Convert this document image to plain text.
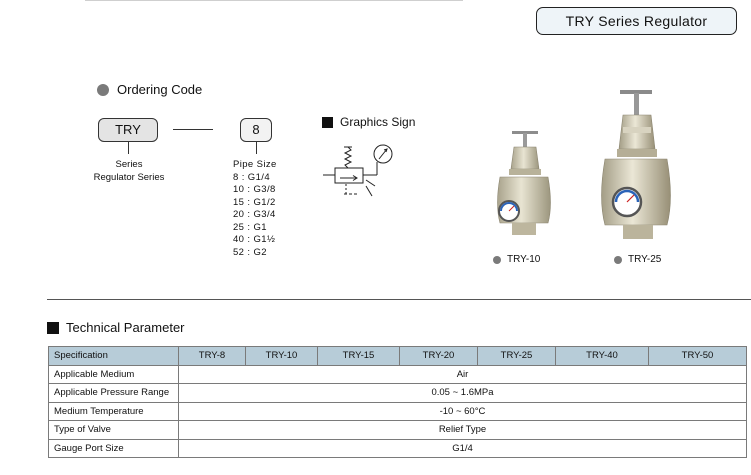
TRY Series Regulator
Ordering Code
TRY	8
Series
Regulator Series
Pipe Size
8 : G1/4
10 : G3/8
15 : G1/2
20 : G3/4
25 : G1
40 : G1½
52 : G2
Graphics Sign
TRY-10	TRY-25
Technical Parameter
Specification	TRY-8	TRY-10	TRY-15	TRY-20	TRY-25	TRY-40	TRY-50
Applicable Medium	Air						
Applicable Pressure Range	0.05 ~ 1.6MPa						
Medium Temperature	-10 ~ 60°C						
Type of Valve	Relief Type						
Gauge Port Size	G1/4						
